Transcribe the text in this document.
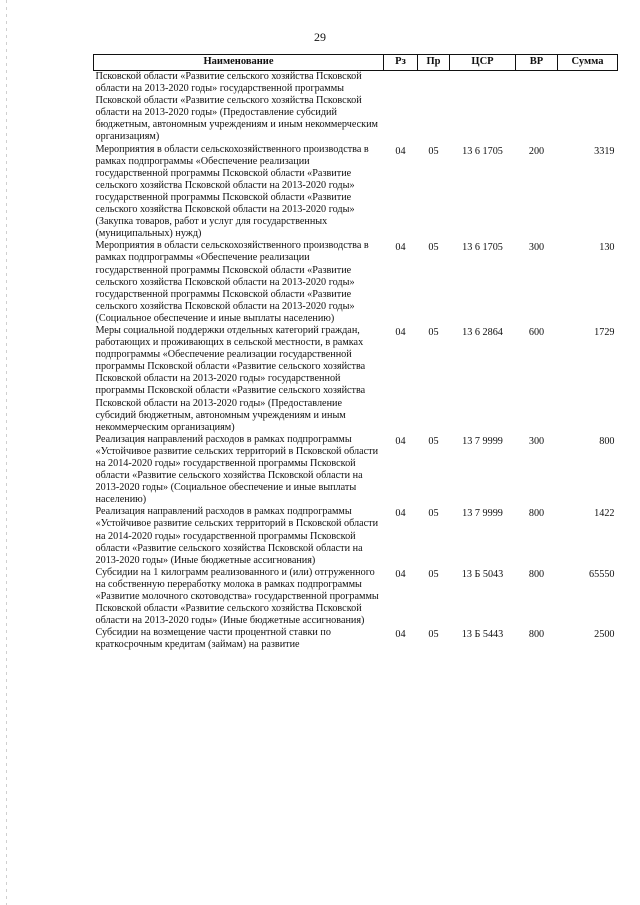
29
Наименование	Рз	Пр	ЦСР	ВР	Сумма
Псковской области «Развитие сельского хозяйства Псковской области на 2013-2020 годы» государственной программы Псковской области «Развитие сельского хозяйства Псковской области на 2013-2020 годы» (Предоставление субсидий бюджетным, автономным учреждениям и иным некоммерческим организациям)					
Мероприятия в области сельскохозяйственного производства в рамках подпрограммы «Обеспечение реализации государственной программы Псковской области «Развитие сельского хозяйства Псковской области на 2013-2020 годы» государственной программы Псковской области «Развитие сельского хозяйства Псковской области на 2013-2020 годы» (Закупка товаров, работ и услуг для государственных (муниципальных) нужд)	04	05	13 6 1705	200	3319
Мероприятия в области сельскохозяйственного производства в рамках подпрограммы «Обеспечение реализации государственной программы Псковской области «Развитие сельского хозяйства Псковской области на 2013-2020 годы» государственной программы Псковской области «Развитие сельского хозяйства Псковской области на 2013-2020 годы» (Социальное обеспечение и иные выплаты населению)	04	05	13 6 1705	300	130
Меры социальной поддержки отдельных категорий граждан, работающих и проживающих в сельской местности, в рамках подпрограммы «Обеспечение реализации государственной программы Псковской области «Развитие сельского хозяйства Псковской области на 2013-2020 годы» государственной программы Псковской области «Развитие сельского хозяйства Псковской области на 2013-2020 годы» (Предоставление субсидий бюджетным, автономным учреждениям и иным некоммерческим организациям)	04	05	13 6 2864	600	1729
Реализация направлений расходов в рамках подпрограммы «Устойчивое развитие сельских территорий в Псковской области на 2014-2020 годы» государственной программы Псковской области «Развитие сельского хозяйства Псковской области на 2013-2020 годы» (Социальное обеспечение и иные выплаты населению)	04	05	13 7 9999	300	800
Реализация направлений расходов в рамках подпрограммы «Устойчивое развитие сельских территорий в Псковской области на 2014-2020 годы» государственной программы Псковской области «Развитие сельского хозяйства Псковской области на 2013-2020 годы» (Иные бюджетные ассигнования)	04	05	13 7 9999	800	1422
Субсидии на 1 килограмм реализованного и (или) отгруженного на собственную переработку молока в рамках подпрограммы «Развитие молочного скотоводства» государственной программы Псковской области «Развитие сельского хозяйства Псковской области на 2013-2020 годы» (Иные бюджетные ассигнования)	04	05	13 Б 5043	800	65550
Субсидии на возмещение части процентной ставки по краткосрочным кредитам (займам) на развитие	04	05	13 Б 5443	800	2500
